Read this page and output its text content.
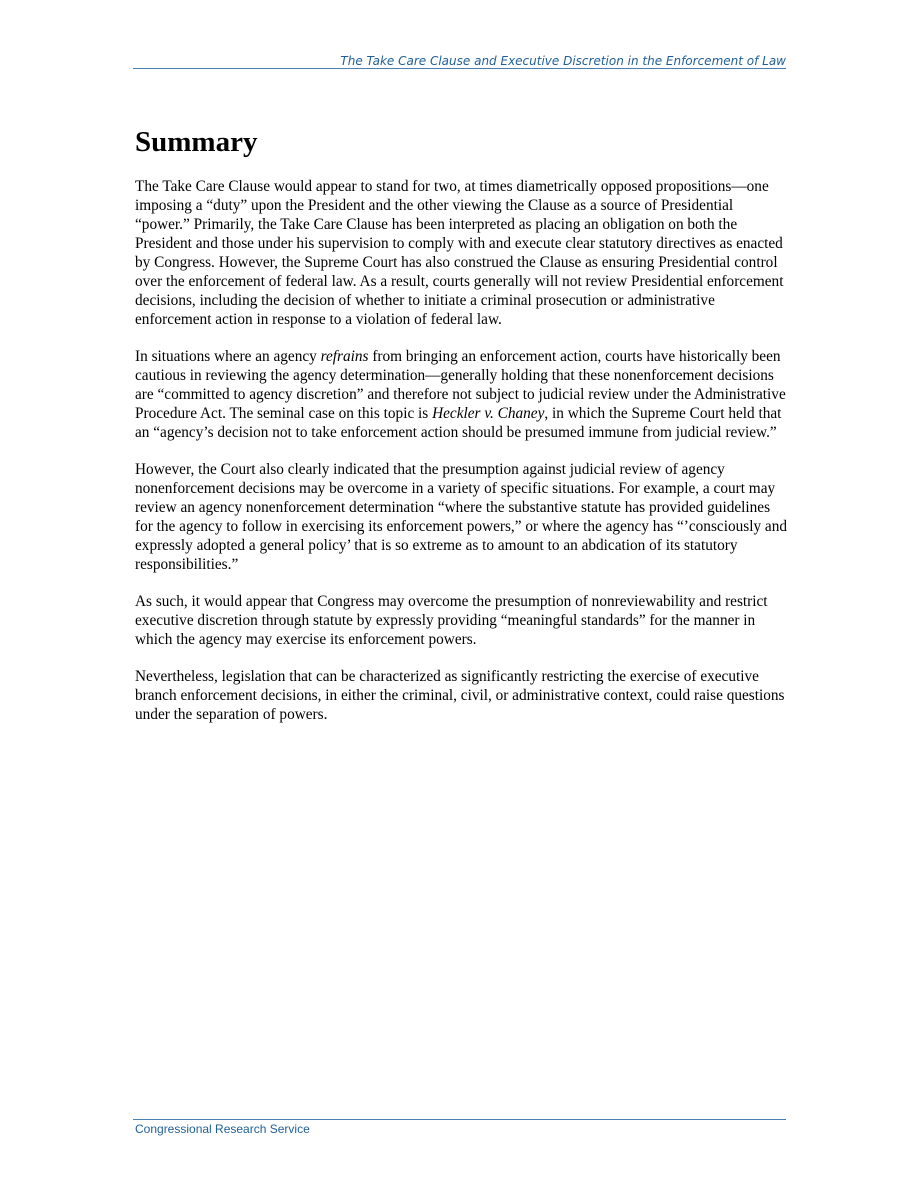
The Take Care Clause and Executive Discretion in the Enforcement of Law
Summary

The Take Care Clause would appear to stand for two, at times diametrically opposed propositions—one imposing a “duty” upon the President and the other viewing the Clause as a source of Presidential “power.” Primarily, the Take Care Clause has been interpreted as placing an obligation on both the President and those under his supervision to comply with and execute clear statutory directives as enacted by Congress. However, the Supreme Court has also construed the Clause as ensuring Presidential control over the enforcement of federal law. As a result, courts generally will not review Presidential enforcement decisions, including the decision of whether to initiate a criminal prosecution or administrative enforcement action in response to a violation of federal law.

In situations where an agency refrains from bringing an enforcement action, courts have historically been cautious in reviewing the agency determination—generally holding that these nonenforcement decisions are “committed to agency discretion” and therefore not subject to judicial review under the Administrative Procedure Act. The seminal case on this topic is Heckler v. Chaney, in which the Supreme Court held that an “agency’s decision not to take enforcement action should be presumed immune from judicial review.”

However, the Court also clearly indicated that the presumption against judicial review of agency nonenforcement decisions may be overcome in a variety of specific situations. For example, a court may review an agency nonenforcement determination “where the substantive statute has provided guidelines for the agency to follow in exercising its enforcement powers,” or where the agency has “’consciously and expressly adopted a general policy’ that is so extreme as to amount to an abdication of its statutory responsibilities.”

As such, it would appear that Congress may overcome the presumption of nonreviewability and restrict executive discretion through statute by expressly providing “meaningful standards” for the manner in which the agency may exercise its enforcement powers.

Nevertheless, legislation that can be characterized as significantly restricting the exercise of executive branch enforcement decisions, in either the criminal, civil, or administrative context, could raise questions under the separation of powers.

Congressional Research Service
